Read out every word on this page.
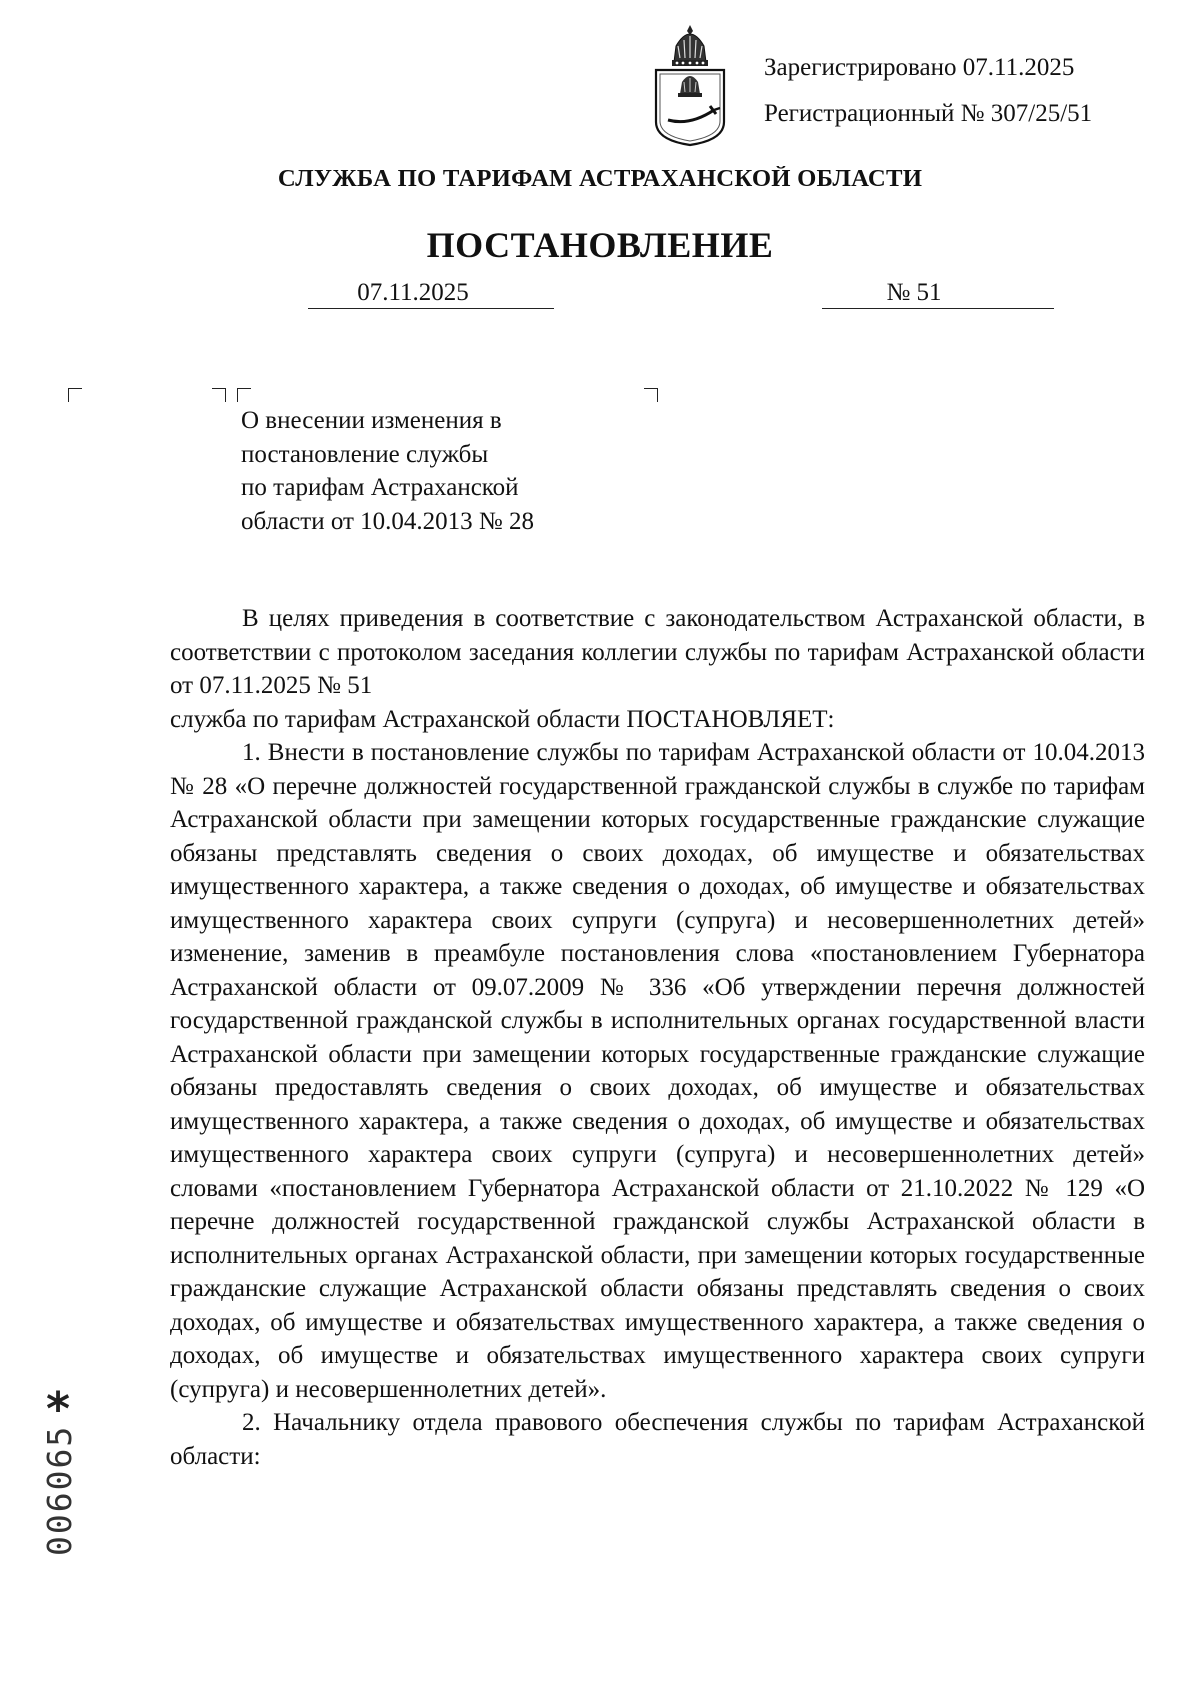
Зарегистрировано 07.11.2025
Регистрационный № 307/25/51
СЛУЖБА ПО ТАРИФАМ АСТРАХАНСКОЙ ОБЛАСТИ
ПОСТАНОВЛЕНИЕ
07.11.2025	№ 51
О внесении изменения в
постановление службы
по тарифам Астраханской
области от 10.04.2013 № 28

В целях приведения в соответствие с законодательством Астраханской области, в соответствии с протоколом заседания коллегии службы по тарифам Астраханской области от 07.11.2025 № 51

служба по тарифам Астраханской области ПОСТАНОВЛЯЕТ:

1. Внести в постановление службы по тарифам Астраханской области от 10.04.2013 № 28 «О перечне должностей государственной гражданской службы в службе по тарифам Астраханской области при замещении которых государственные гражданские служащие обязаны представлять сведения о своих доходах, об имуществе и обязательствах имущественного характера, а также сведения о доходах, об имуществе и обязательствах имущественного характера своих супруги (супруга) и несовершеннолетних детей» изменение, заменив в преамбуле постановления слова «постановлением Губернатора Астраханской области от 09.07.2009 № 336 «Об утверждении перечня должностей государственной гражданской службы в исполнительных органах государственной власти Астраханской области при замещении которых государственные гражданские служащие обязаны предоставлять сведения о своих доходах, об имуществе и обязательствах имущественного характера, а также сведения о доходах, об имуществе и обязательствах имущественного характера своих супруги (супруга) и несовершеннолетних детей» словами «постановлением Губернатора Астраханской области от 21.10.2022 № 129 «О перечне должностей государственной гражданской службы Астраханской области в исполнительных органах Астраханской области, при замещении которых государственные гражданские служащие Астраханской области обязаны представлять сведения о своих доходах, об имуществе и обязательствах имущественного характера, а также сведения о доходах, об имуществе и обязательствах имущественного характера своих супруги (супруга) и несовершеннолетних детей».

2. Начальнику отдела правового обеспечения службы по тарифам Астраханской области:

*
006065
